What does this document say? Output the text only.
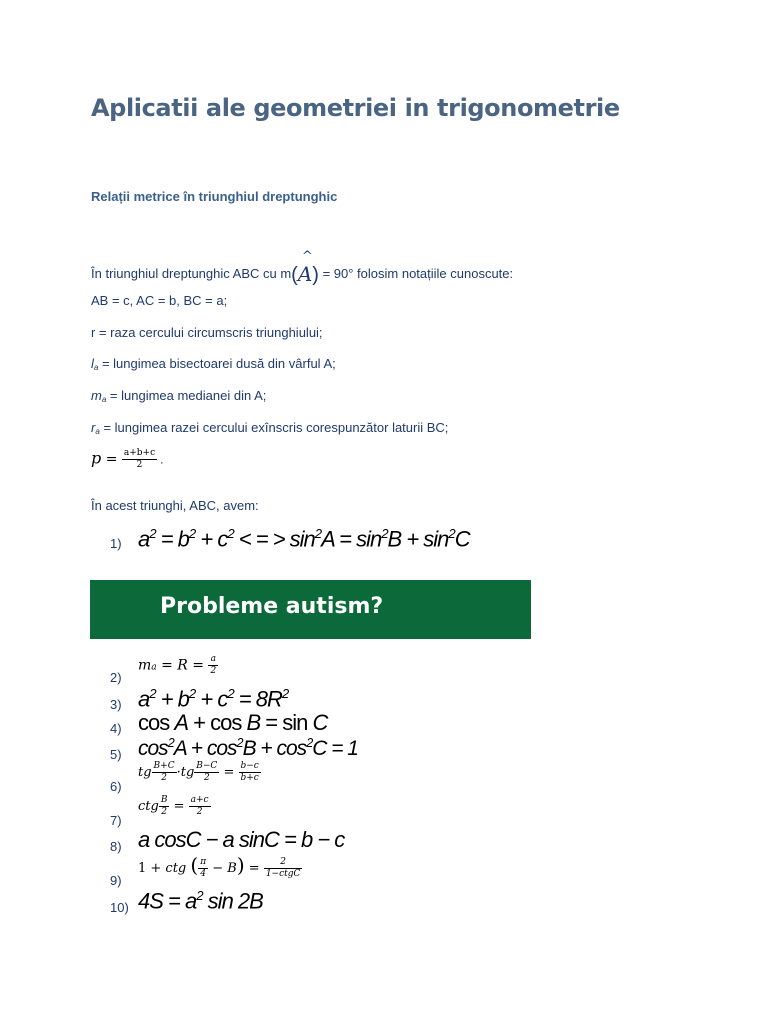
Aplicatii ale geometriei in trigonometrie
Relații metrice în triunghiul dreptunghic
În triunghiul dreptunghic ABC cu m(
^
A) = 90° folosim notațiile cunoscute:
AB = c, AC = b, BC = a;
r = raza cercului circumscris triunghiului;
$l_a$ = lungimea bisectoarei dusă din vârful A;
$m_a$ = lungimea medianei din A;
$r_a$ = lungimea razei cercului exînscris corespunzător laturii BC;
$p = \frac{a+b+c}{2}$ .
În acest triunghi, ABC, avem:
1) $a^2 = b^2 + c^2$ < = > $\sin^2A = \sin^2B + \sin^2C$
Probleme autism?
2)
ma = $R = \frac{a}{2}$
3) $a^2 + b^2 + c^2 = 8R^2$
4) cos A + cos B = sin C
5) $\cos^2A + \cos^2B + \cos^2C = 1$
6)
tg $\frac{B+C}{2} \cdot tg \frac{B-C}{2} = \frac{b-c}{b+c}$
7)
ctg $\frac{B}{2} = \frac{a+c}{2}$
8) a cosC − a sinC = b − c
9)
1 + ctg ( $\frac{\pi}{4} - B) = \frac{2}{\text{1−ctgC}}$
10) $4S = a^2$ sin 2B
